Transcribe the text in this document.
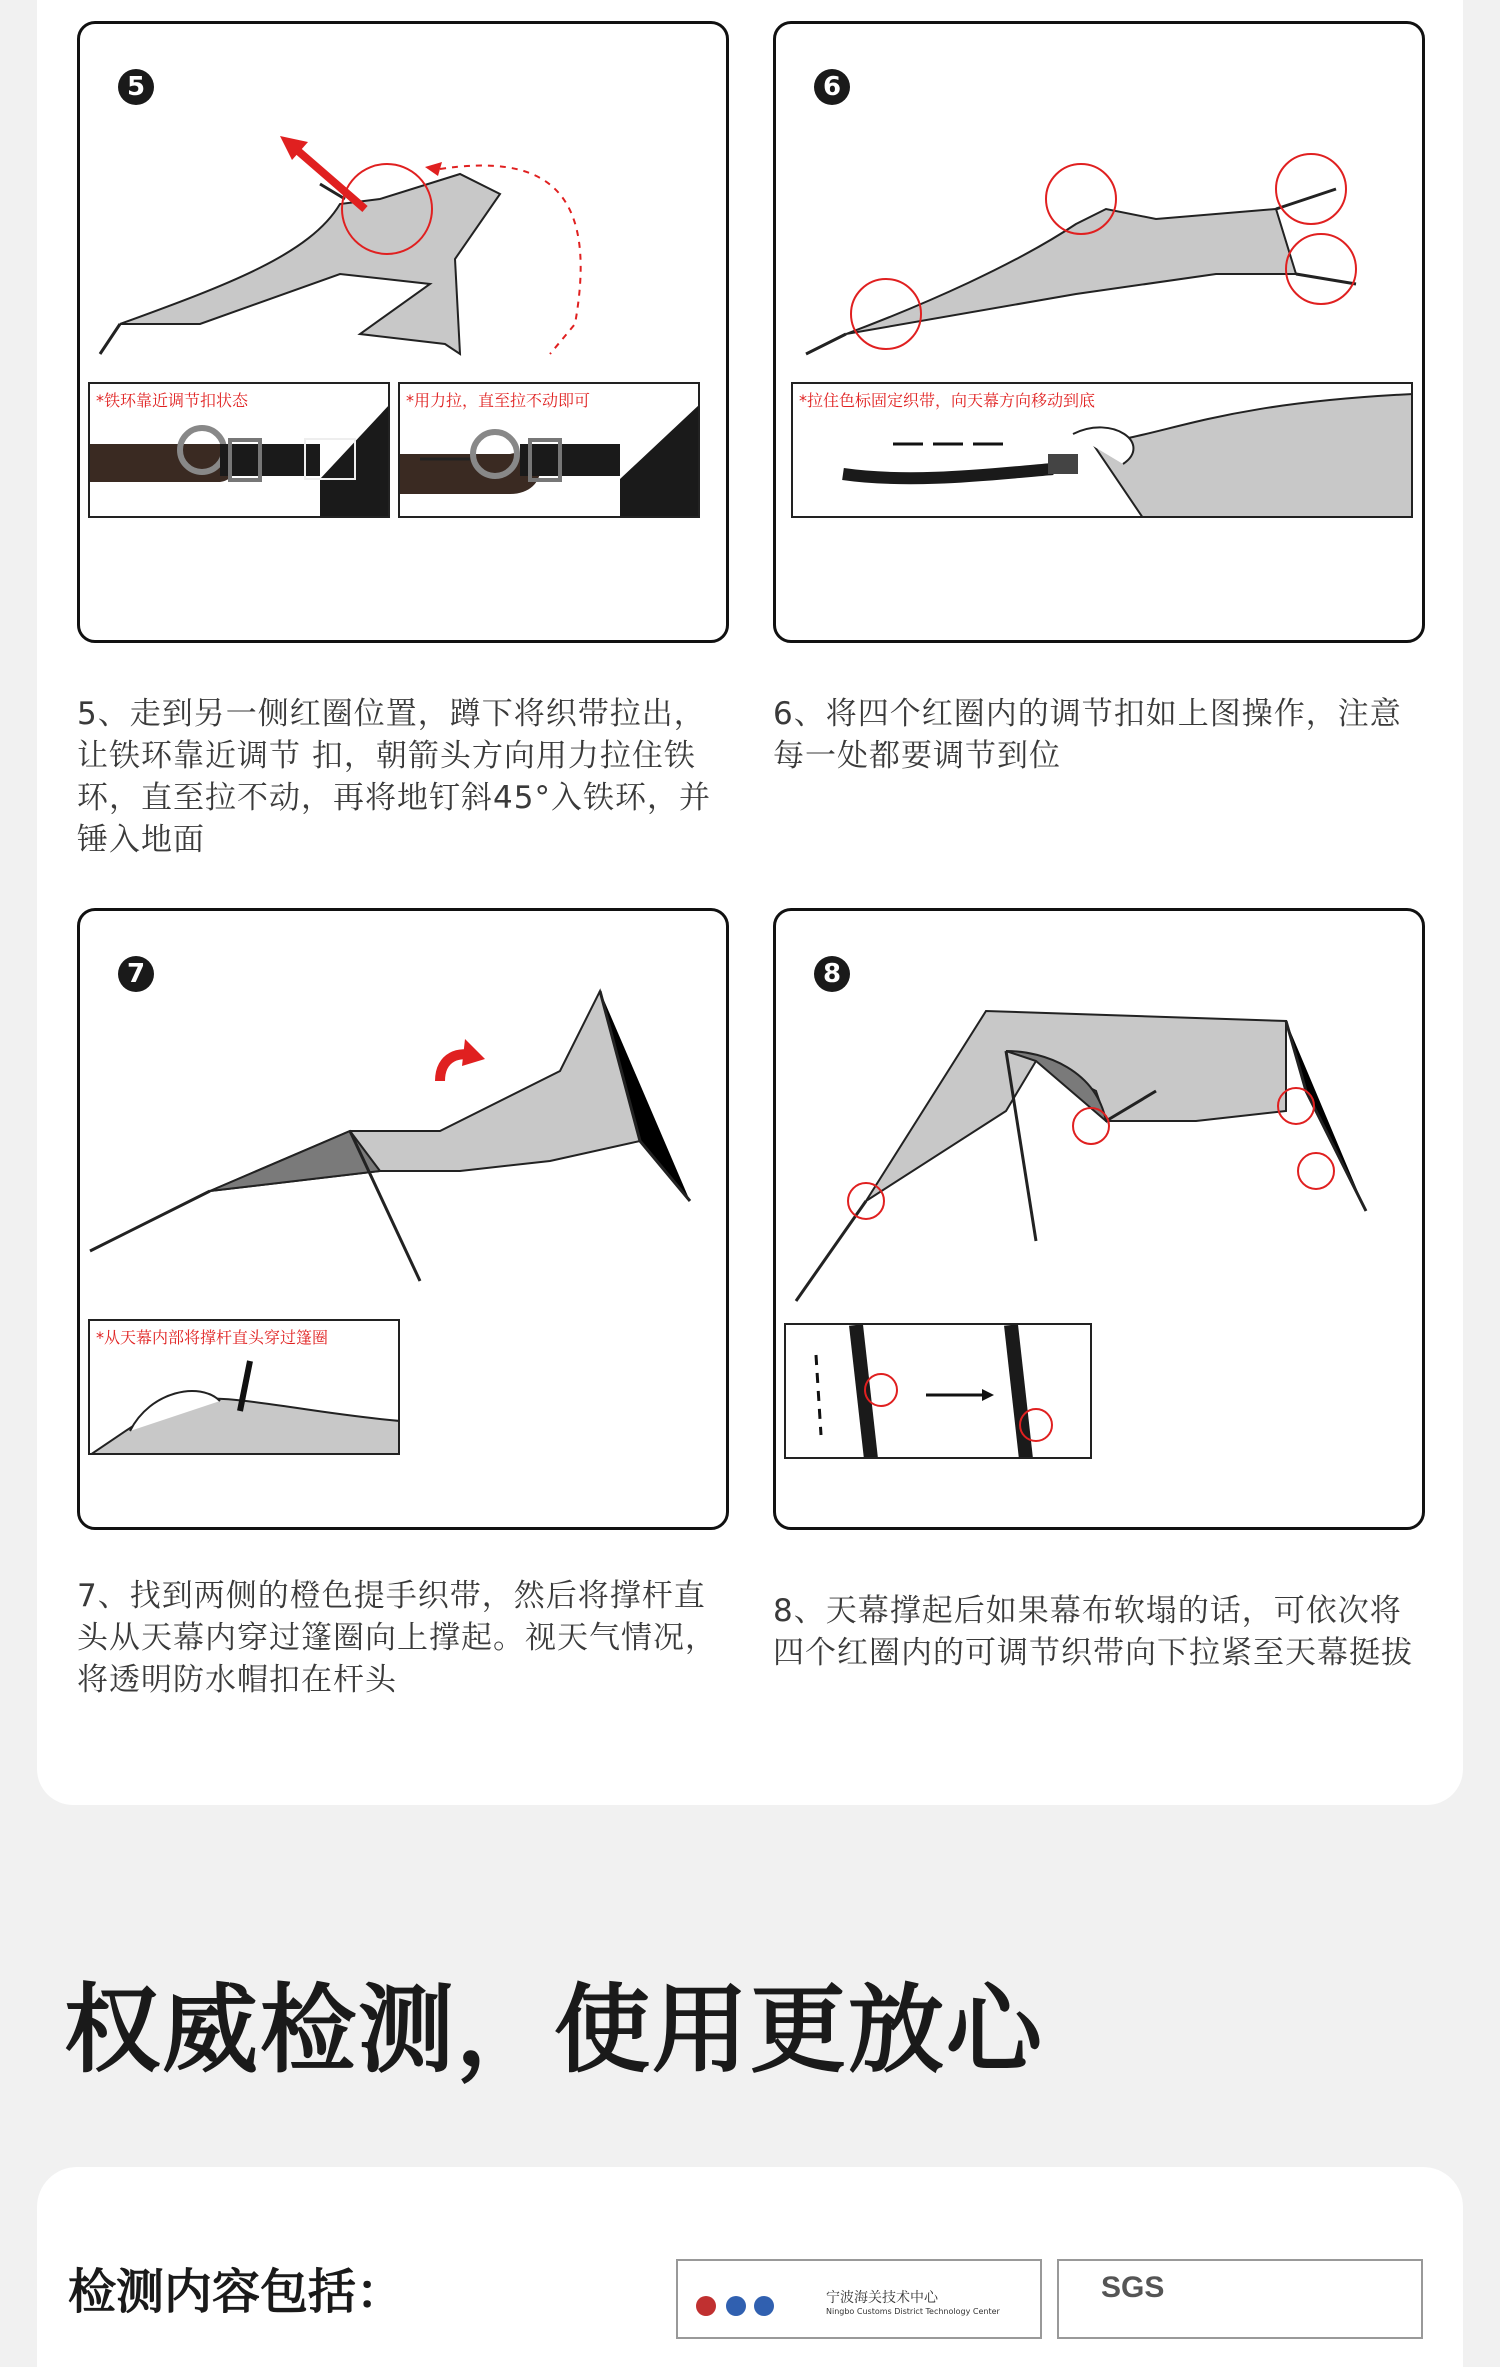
*铁环靠近调节扣状态	*用力拉，直至拉不动即可
5
*拉住色标固定织带，向天幕方向移动到底
6
5、走到另一侧红圈位置，蹲下将织带拉出，让铁环靠近调节 扣，朝箭头方向用力拉住铁环，直至拉不动，再将地钉斜45°入铁环，并锤入地面
6、将四个红圈内的调节扣如上图操作，注意每一处都要调节到位
*从天幕内部将撑杆直头穿过篷圈
7	8
7、找到两侧的橙色提手织带，然后将撑杆直头从天幕内穿过篷圈向上撑起。视天气情况，将透明防水帽扣在杆头
8、天幕撑起后如果幕布软塌的话，可依次将四个红圈内的可调节织带向下拉紧至天幕挺拔
权威检测，使用更放心
检测内容包括：	宁波海关技术中心
Ningbo Customs District Technology Center
SGS
